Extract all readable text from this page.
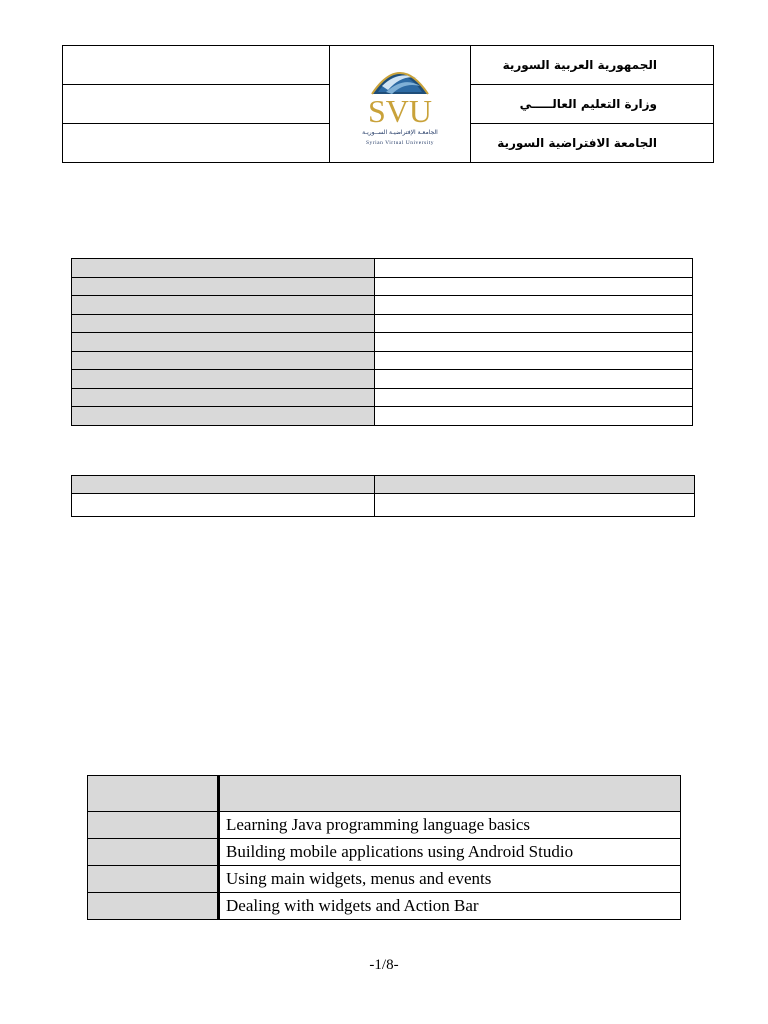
SVU
الجامعـة الإفتراضيـة الســوريـة
Syrian Virtual University	الجمهورية العربية السورية
		وزارة التعليم العالـــــي
		الجامعة الافتراضية السورية

	Learning Java programming language basics
	Building mobile applications using Android Studio
	Using main widgets, menus and events
	Dealing with widgets and Action Bar
-1/8-
